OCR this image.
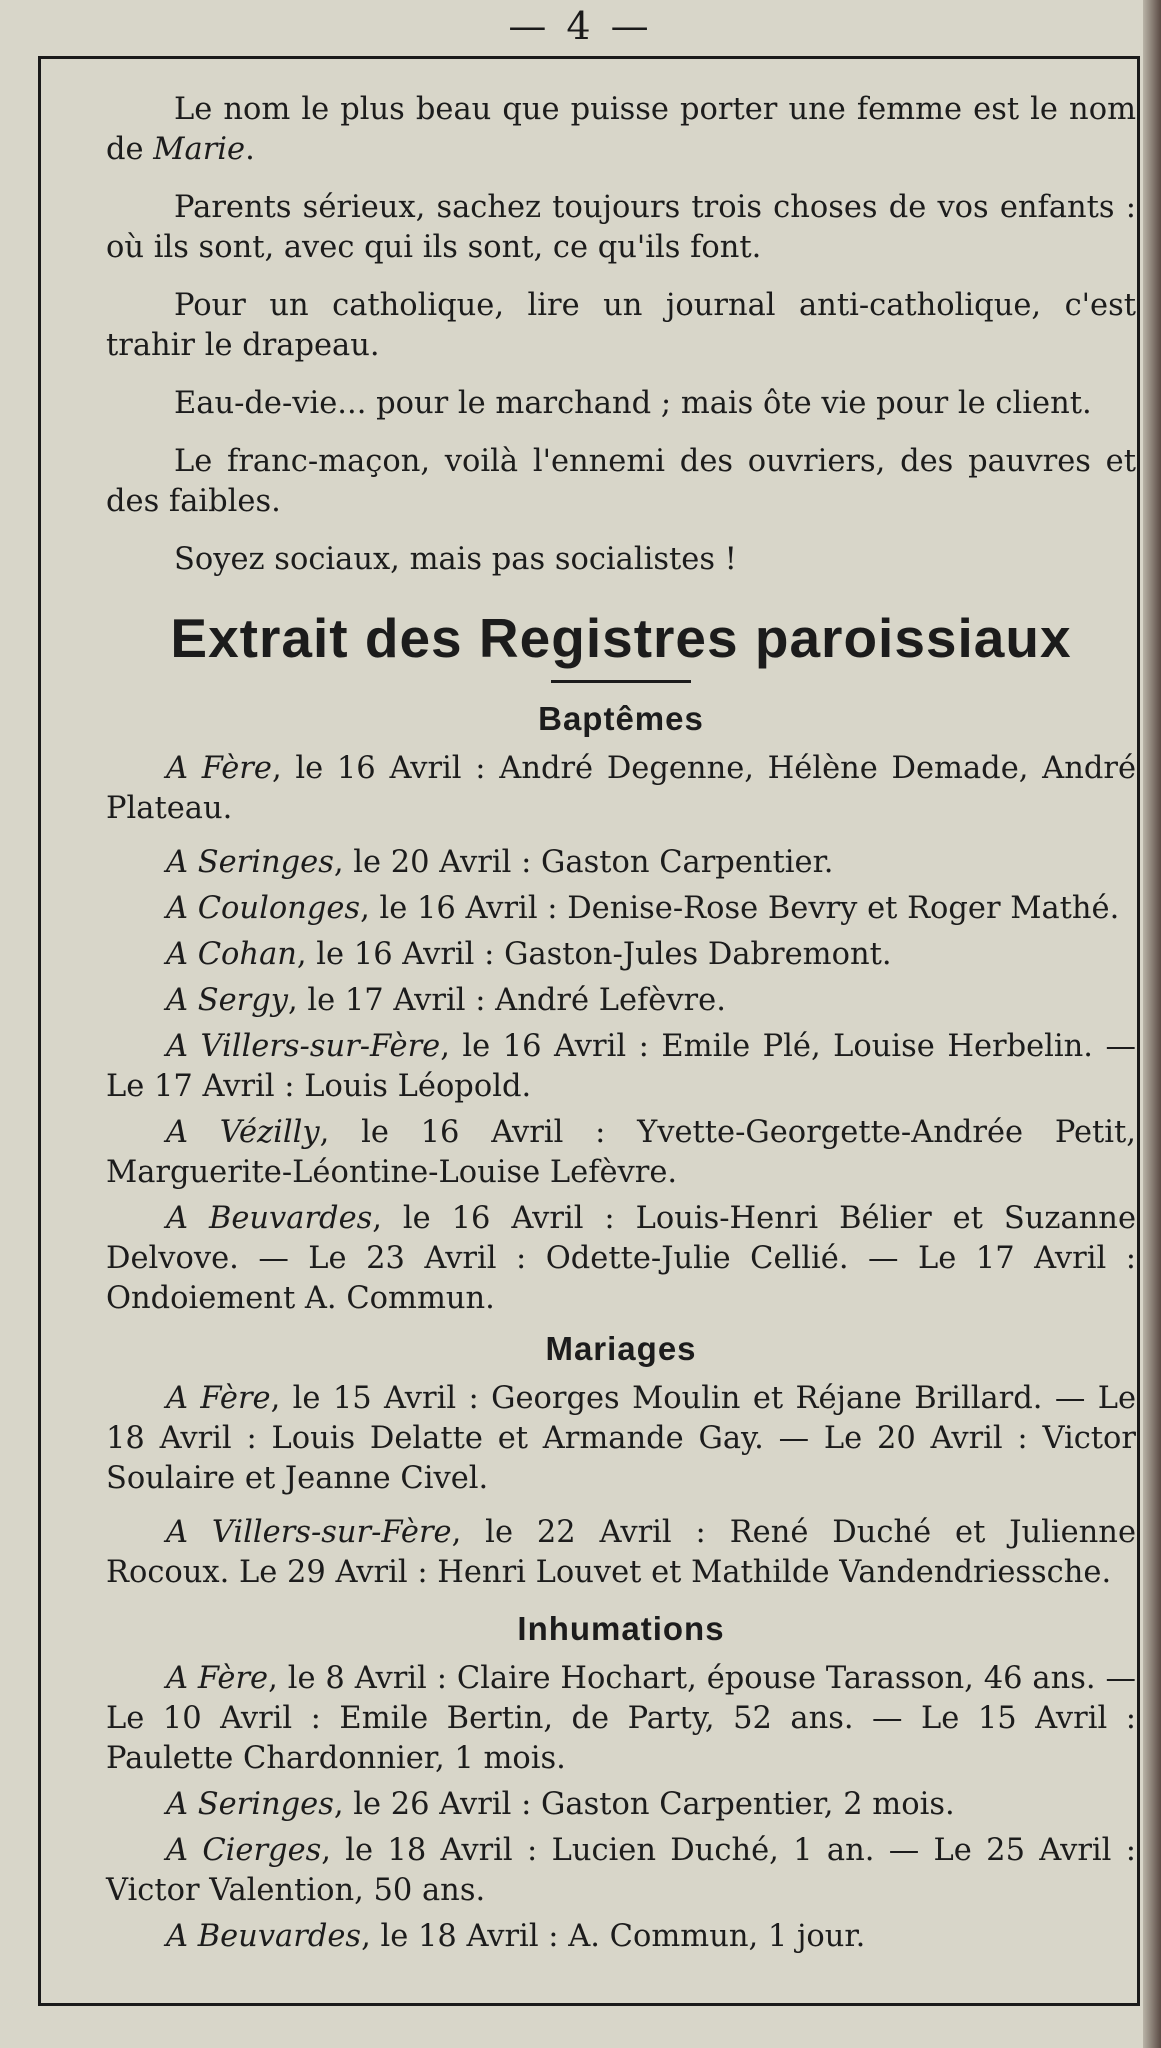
— 4 —

Le nom le plus beau que puisse porter une femme est le nom de Marie.

Parents sérieux, sachez toujours trois choses de vos enfants : où ils sont, avec qui ils sont, ce qu'ils font.

Pour un catholique, lire un journal anti-catholique, c'est trahir le drapeau.

Eau-de-vie... pour le marchand ; mais ôte vie pour le client.

Le franc-maçon, voilà l'ennemi des ouvriers, des pauvres et des faibles.

Soyez sociaux, mais pas socialistes !

Extrait des Registres paroissiaux
Baptêmes

A Fère, le 16 Avril : André Degenne, Hélène Demade, André Plateau.

A Seringes, le 20 Avril : Gaston Carpentier.

A Coulonges, le 16 Avril : Denise-Rose Bevry et Roger Mathé.

A Cohan, le 16 Avril : Gaston-Jules Dabremont.

A Sergy, le 17 Avril : André Lefèvre.

A Villers-sur-Fère, le 16 Avril : Emile Plé, Louise Herbelin. — Le 17 Avril : Louis Léopold.

A Vézilly, le 16 Avril : Yvette-Georgette-Andrée Petit, Marguerite-Léontine-Louise Lefèvre.

A Beuvardes, le 16 Avril : Louis-Henri Bélier et Suzanne Delvove. — Le 23 Avril : Odette-Julie Cellié. — Le 17 Avril : Ondoiement A. Commun.

Mariages

A Fère, le 15 Avril : Georges Moulin et Réjane Brillard. — Le 18 Avril : Louis Delatte et Armande Gay. — Le 20 Avril : Victor Soulaire et Jeanne Civel.

A Villers-sur-Fère, le 22 Avril : René Duché et Julienne Rocoux. Le 29 Avril : Henri Louvet et Mathilde Vandendriessche.

Inhumations

A Fère, le 8 Avril : Claire Hochart, épouse Tarasson, 46 ans. — Le 10 Avril : Emile Bertin, de Party, 52 ans. — Le 15 Avril : Paulette Chardonnier, 1 mois.

A Seringes, le 26 Avril : Gaston Carpentier, 2 mois.

A Cierges, le 18 Avril : Lucien Duché, 1 an. — Le 25 Avril : Victor Valention, 50 ans.

A Beuvardes, le 18 Avril : A. Commun, 1 jour.
